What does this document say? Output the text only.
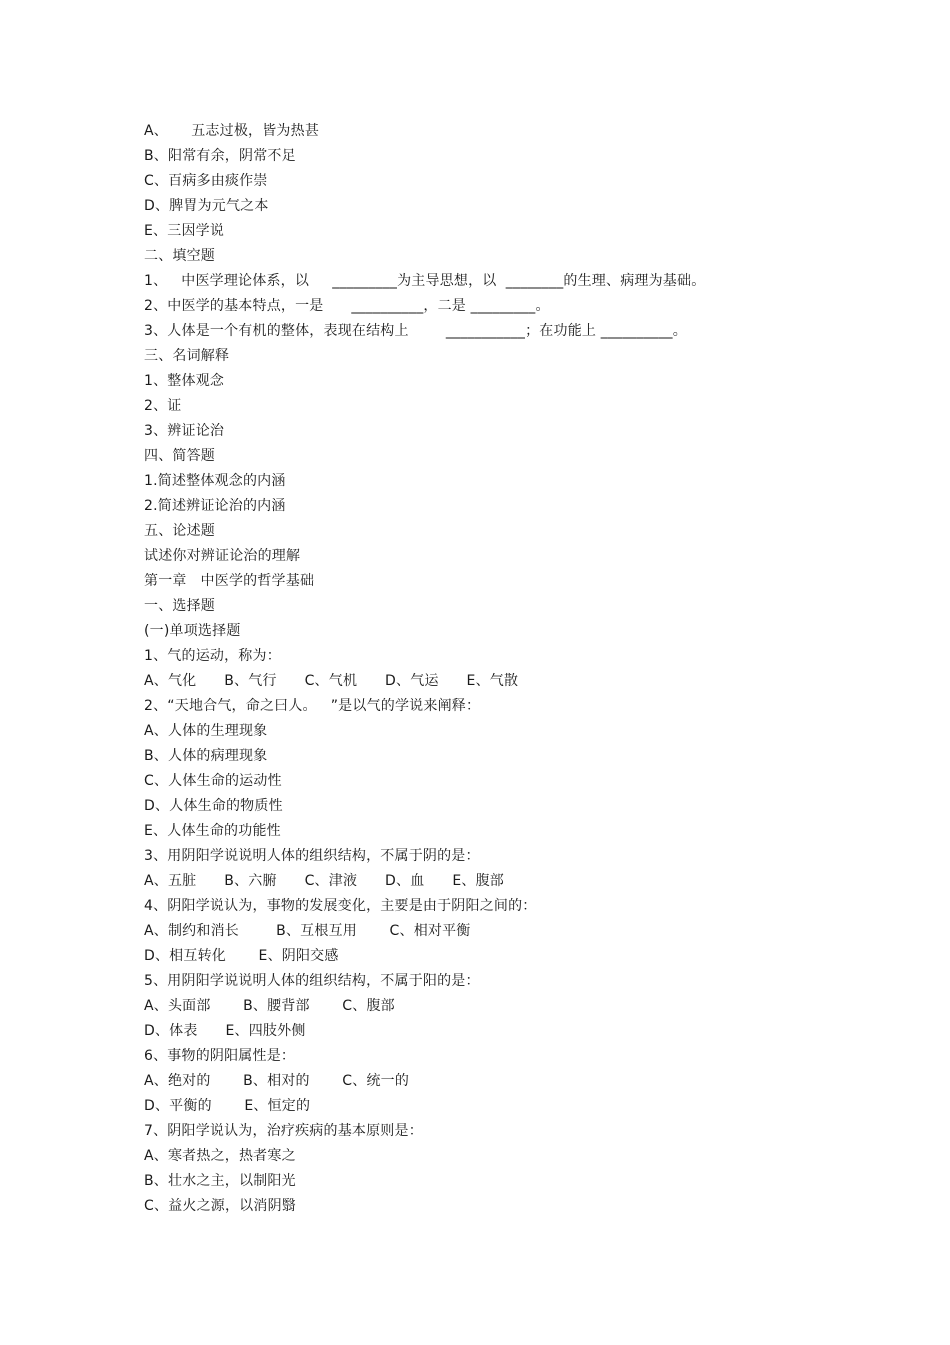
A、     五志过极，皆为热甚
B、阳常有余，阴常不足
C、百病多由痰作崇
D、脾胃为元气之本
E、三因学说
二、填空题
1、   中医学理论体系，以     _________为主导思想，以  ________的生理、病理为基础。
2、中医学的基本特点，一是      __________，二是 _________。
3、人体是一个有机的整体，表现在结构上        ___________；在功能上 __________。
三、名词解释
1、整体观念
2、证
3、辨证论治
四、简答题
1.简述整体观念的内涵
2.简述辨证论治的内涵
五、论述题
试述你对辨证论治的理解
第一章   中医学的哲学基础
一、选择题
(一)单项选择题
1、气的运动，称为：
A、气化      B、气行      C、气机      D、气运      E、气散
2、“天地合气，命之曰人。   ”是以气的学说来阐释：
A、人体的生理现象
B、人体的病理现象
C、人体生命的运动性
D、人体生命的物质性
E、人体生命的功能性
3、用阴阳学说说明人体的组织结构，不属于阴的是：
A、五脏      B、六腑      C、津液      D、血      E、腹部
4、阴阳学说认为，事物的发展变化，主要是由于阴阳之间的：
A、制约和消长        B、互根互用       C、相对平衡
D、相互转化       E、阴阳交感
5、用阴阳学说说明人体的组织结构，不属于阳的是：
A、头面部       B、腰背部       C、腹部
D、体表      E、四肢外侧
6、事物的阴阳属性是：
A、绝对的       B、相对的       C、统一的
D、平衡的       E、恒定的
7、阴阳学说认为，治疗疾病的基本原则是：
A、寒者热之，热者寒之
B、壮水之主，以制阳光
C、益火之源，以消阴翳
